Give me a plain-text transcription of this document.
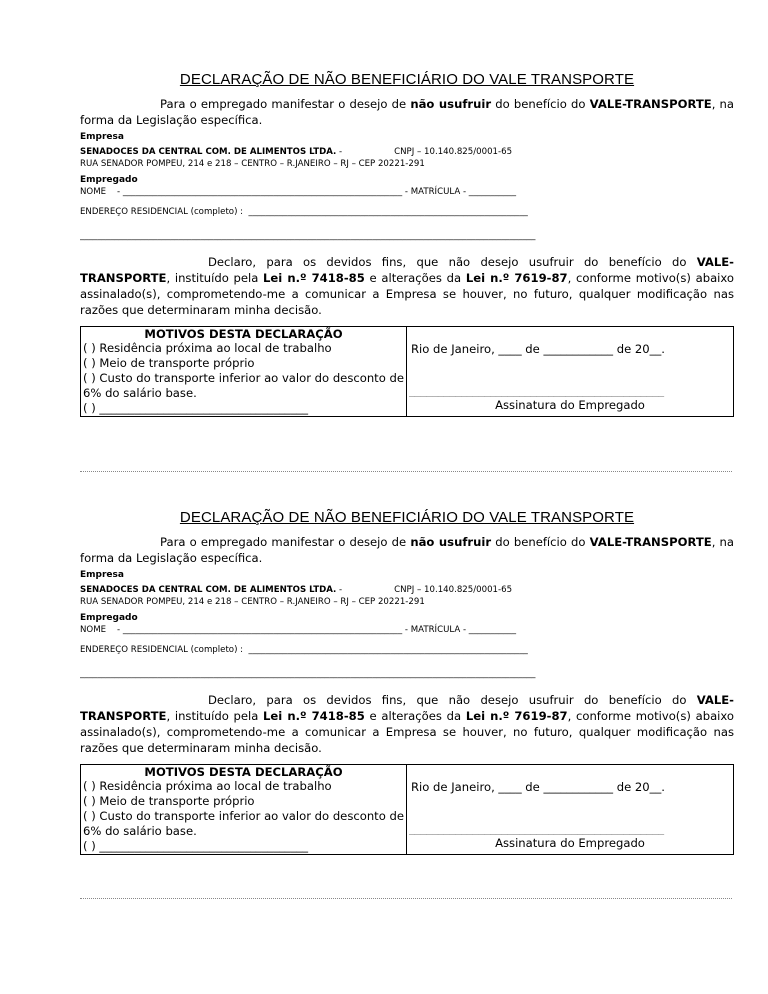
DECLARAÇÃO DE NÃO BENEFICIÁRIO DO VALE TRANSPORTE

Para o empregado manifestar o desejo de não usufruir do benefício do VALE-TRANSPORTE, na forma da Legislação específica.

Empresa

SENADOCES DA CENTRAL COM. DE ALIMENTOS LTDA. -	CNPJ – 10.140.825/0001-65

RUA SENADOR POMPEU, 214 e 218 – CENTRO – R.JANEIRO – RJ – CEP 20221-291

Empregado

NOME - _________________________________________________________________ - MATRÍCULA - ___________

ENDEREÇO RESIDENCIAL (completo) : _________________________________________________________________

__________________________________________________________________________________________________________

Declaro, para os devidos fins, que não desejo usufruir do benefício do VALE-TRANSPORTE, instituído pela Lei n.º 7418-85 e alterações da Lei n.º 7619-87, conforme motivo(s) abaixo assinalado(s), comprometendo-me a comunicar a Empresa se houver, no futuro, qualquer modificação nas razões que determinaram minha decisão.

MOTIVOS DESTA DECLARAÇÃO
( ) Residência próxima ao local de trabalho
( ) Meio de transporte próprio
( ) Custo do transporte inferior ao valor do desconto de 6% do salário base.
( ) ____________________________________

Rio de Janeiro, ____ de ____________ de 20__.
____________________________________________
Assinatura do Empregado

DECLARAÇÃO DE NÃO BENEFICIÁRIO DO VALE TRANSPORTE

Para o empregado manifestar o desejo de não usufruir do benefício do VALE-TRANSPORTE, na forma da Legislação específica.

Empresa

SENADOCES DA CENTRAL COM. DE ALIMENTOS LTDA. -	CNPJ – 10.140.825/0001-65

RUA SENADOR POMPEU, 214 e 218 – CENTRO – R.JANEIRO – RJ – CEP 20221-291

Empregado

NOME - _________________________________________________________________ - MATRÍCULA - ___________

ENDEREÇO RESIDENCIAL (completo) : _________________________________________________________________

__________________________________________________________________________________________________________

Declaro, para os devidos fins, que não desejo usufruir do benefício do VALE-TRANSPORTE, instituído pela Lei n.º 7418-85 e alterações da Lei n.º 7619-87, conforme motivo(s) abaixo assinalado(s), comprometendo-me a comunicar a Empresa se houver, no futuro, qualquer modificação nas razões que determinaram minha decisão.

MOTIVOS DESTA DECLARAÇÃO
( ) Residência próxima ao local de trabalho
( ) Meio de transporte próprio
( ) Custo do transporte inferior ao valor do desconto de 6% do salário base.
( ) ____________________________________

Rio de Janeiro, ____ de ____________ de 20__.
____________________________________________
Assinatura do Empregado
